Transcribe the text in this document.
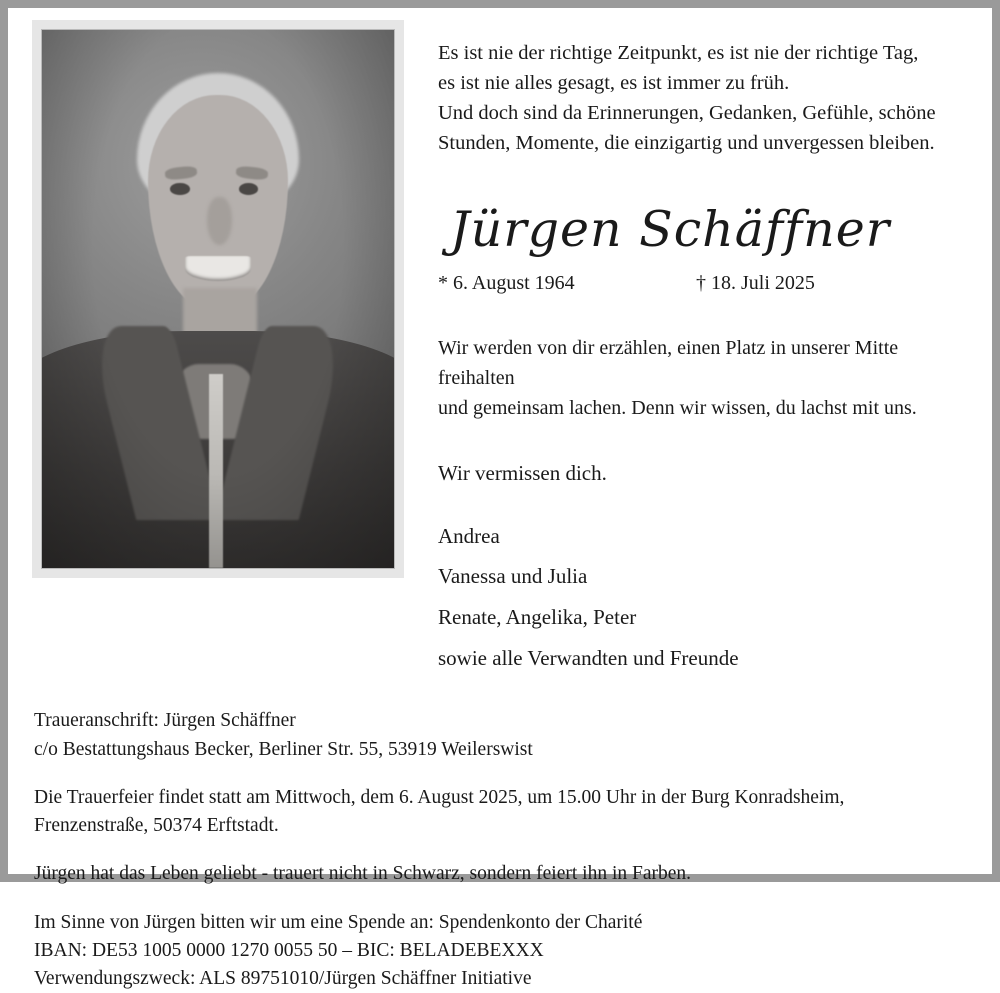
Es ist nie der richtige Zeitpunkt, es ist nie der richtige Tag,
es ist nie alles gesagt, es ist immer zu früh.
Und doch sind da Erinnerungen, Gedanken, Gefühle, schöne
Stunden, Momente, die einzigartig und unvergessen bleiben.
Jürgen Schäffner
* 6. August 1964	† 18. Juli 2025
Wir werden von dir erzählen, einen Platz in unserer Mitte freihalten
und gemeinsam lachen. Denn wir wissen, du lachst mit uns.
Wir vermissen dich.
Andrea
Vanessa und Julia
Renate, Angelika, Peter
sowie alle Verwandten und Freunde
Traueranschrift: Jürgen Schäffner
c/o Bestattungshaus Becker, Berliner Str. 55, 53919 Weilerswist
Die Trauerfeier findet statt am Mittwoch, dem 6. August 2025, um 15.00 Uhr in der Burg Konradsheim,
Frenzenstraße, 50374 Erftstadt.
Jürgen hat das Leben geliebt - trauert nicht in Schwarz, sondern feiert ihn in Farben.
Im Sinne von Jürgen bitten wir um eine Spende an: Spendenkonto der Charité
IBAN: DE53 1005 0000 1270 0055 50 – BIC: BELADEBEXXX
Verwendungszweck: ALS 89751010/Jürgen Schäffner Initiative
